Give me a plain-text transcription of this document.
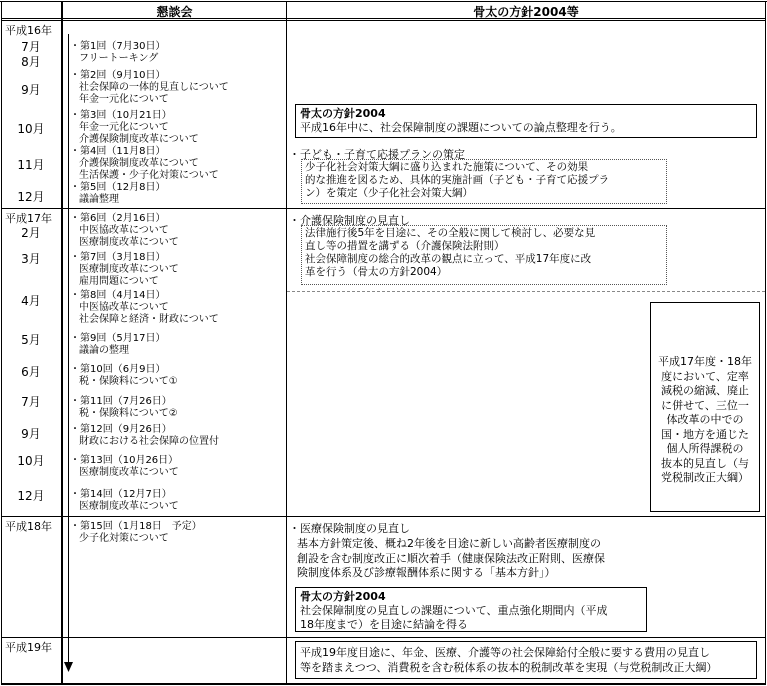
懇談会	骨太の方針2004等
平成16年
平成17年
平成18年
平成19年
7月
8月
9月
10月
11月
12月
2月
3月
4月
5月
6月
7月
9月
10月
12月
・第1回（7月30日）
フリートーキング
・第2回（9月10日）
社会保障の一体的見直しについて
年金一元化について
・第3回（10月21日）
年金一元化について
介護保険制度改革について
・第4回（11月8日）
介護保険制度改革について
生活保護・少子化対策について
・第5回（12月8日）
議論整理
・第6回（2月16日）
中医協改革について
医療制度改革について
・第7回（3月18日）
医療制度改革について
雇用問題について
・第8回（4月14日）
中医協改革について
社会保障と経済・財政について
・第9回（5月17日）
議論の整理
・第10回（6月9日）
税・保険料について①
・第11回（7月26日）
税・保険料について②
・第12回（9月26日）
財政における社会保障の位置付
・第13回（10月26日）
医療制度改革について
・第14回（12月7日）
医療制度改革について
・第15回（1月18日　予定）
少子化対策について
骨太の方針2004
平成16年中に、社会保障制度の課題についての論点整理を行う。
・子ども・子育て応援プランの策定
少子化社会対策大綱に盛り込まれた施策について、その効果
的な推進を図るため、具体的実施計画（子ども・子育て応援プラ
ン）を策定（少子化社会対策大綱）
・介護保険制度の見直し
法律施行後5年を目途に、その全般に関して検討し、必要な見
直し等の措置を講ずる（介護保険法附則）
社会保障制度の総合的改革の観点に立って、平成17年度に改
革を行う（骨太の方針2004）
平成17年度・18年
度において、定率
減税の縮減、廃止
に併せて、三位一
体改革の中での
国・地方を通じた
個人所得課税の
抜本的見直し（与
党税制改正大綱）
・医療保険制度の見直し
基本方針策定後、概ね2年後を目途に新しい高齢者医療制度の
創設を含む制度改正に順次着手（健康保険法改正附則、医療保
険制度体系及び診療報酬体系に関する「基本方針」）
骨太の方針2004
社会保障制度の見直しの課題について、重点強化期間内（平成
18年度まで）を目途に結論を得る
平成19年度目途に、年金、医療、介護等の社会保障給付全般に要する費用の見直し
等を踏まえつつ、消費税を含む税体系の抜本的税制改革を実現（与党税制改正大綱）
